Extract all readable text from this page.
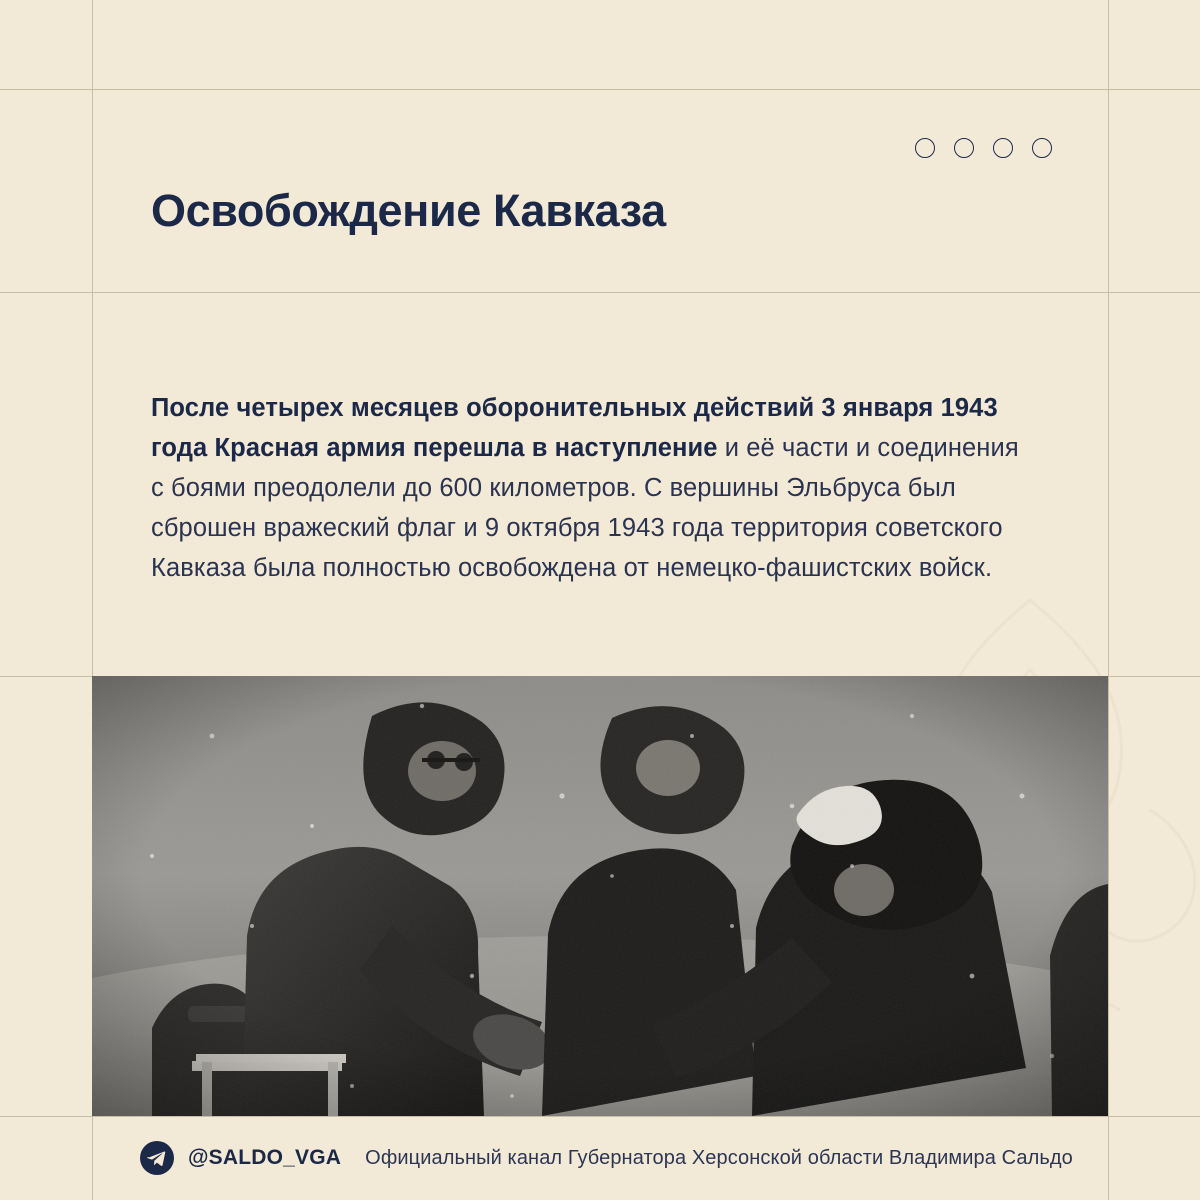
Освобождение Кавказа

После четырех месяцев оборонительных действий 3 января 1943 года Красная армия перешла в наступление и её части и соединения с боями преодолели до 600 километров. С вершины Эльбруса был сброшен вражеский флаг и 9 октября 1943 года территория советского Кавказа была полностью освобождена от немецко-фашистских войск.

@SALDO_VGA Официальный канал Губернатора Херсонской области Владимира Сальдо
